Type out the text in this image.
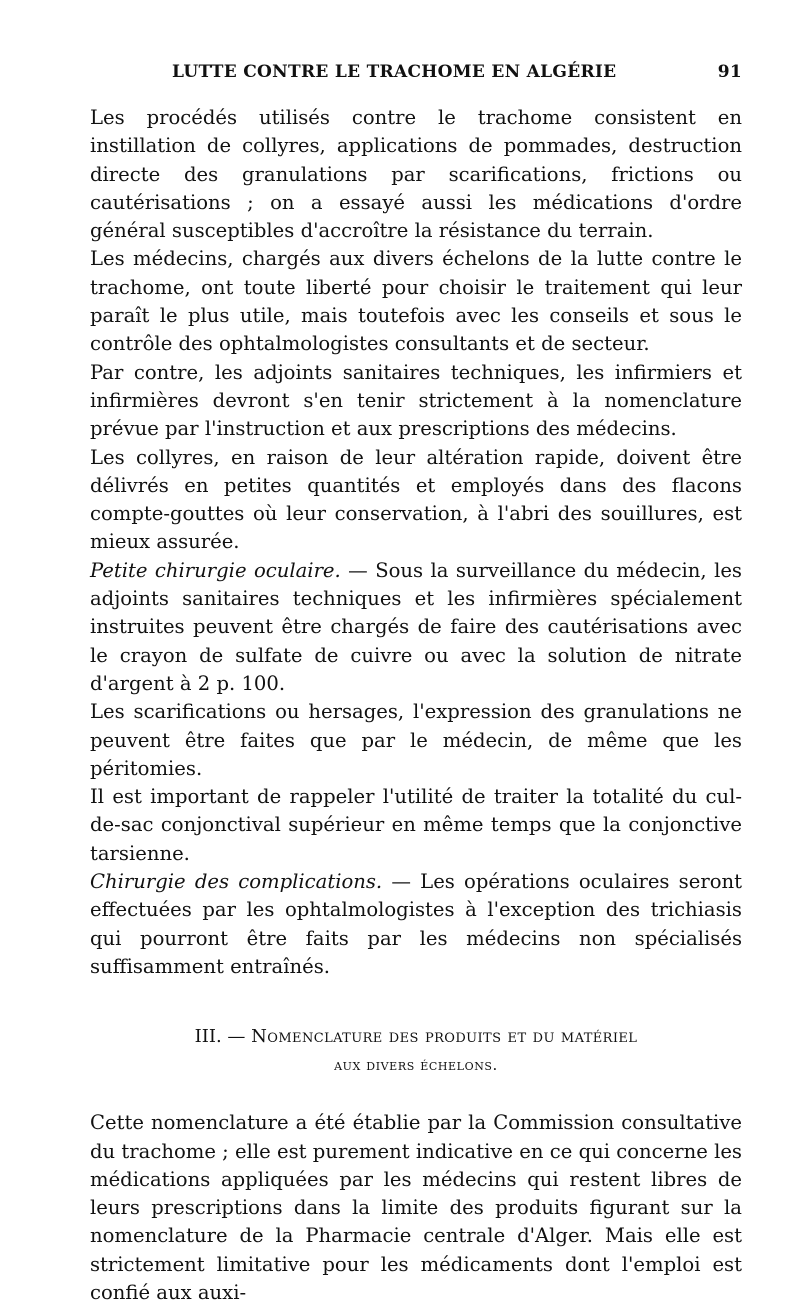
LUTTE CONTRE LE TRACHOME EN ALGÉRIE	91

Les procédés utilisés contre le trachome consistent en instillation de collyres, applications de pommades, destruction directe des granulations par scarifications, frictions ou cautérisations ; on a essayé aussi les médications d'ordre général susceptibles d'accroître la résistance du terrain.

Les médecins, chargés aux divers échelons de la lutte contre le trachome, ont toute liberté pour choisir le traitement qui leur paraît le plus utile, mais toutefois avec les conseils et sous le contrôle des ophtalmologistes consultants et de secteur.

Par contre, les adjoints sanitaires techniques, les infirmiers et infirmières devront s'en tenir strictement à la nomenclature prévue par l'instruction et aux prescriptions des médecins.

Les collyres, en raison de leur altération rapide, doivent être délivrés en petites quantités et employés dans des flacons compte-gouttes où leur conservation, à l'abri des souillures, est mieux assurée.

Petite chirurgie oculaire. — Sous la surveillance du médecin, les adjoints sanitaires techniques et les infirmières spécialement instruites peuvent être chargés de faire des cautérisations avec le crayon de sulfate de cuivre ou avec la solution de nitrate d'argent à 2 p. 100.

Les scarifications ou hersages, l'expression des granulations ne peuvent être faites que par le médecin, de même que les péritomies.

Il est important de rappeler l'utilité de traiter la totalité du cul-de-sac conjonctival supérieur en même temps que la conjonctive tarsienne.

Chirurgie des complications. — Les opérations oculaires seront effectuées par les ophtalmologistes à l'exception des trichiasis qui pourront être faits par les médecins non spécialisés suffisamment entraînés.

III. — Nomenclature des produits et du matériel
aux divers échelons.

Cette nomenclature a été établie par la Commission consultative du trachome ; elle est purement indicative en ce qui concerne les médications appliquées par les médecins qui restent libres de leurs prescriptions dans la limite des produits figurant sur la nomenclature de la Pharmacie centrale d'Alger. Mais elle est strictement limitative pour les médicaments dont l'emploi est confié aux auxi-
